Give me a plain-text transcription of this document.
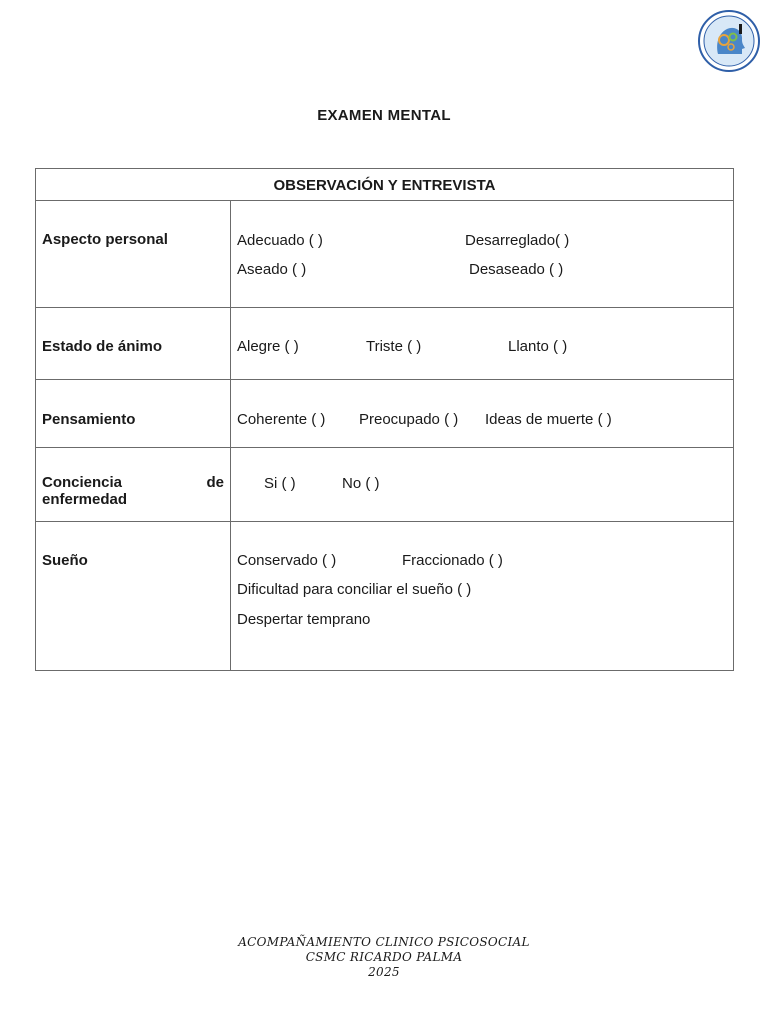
EXAMEN MENTAL
OBSERVACIÓN Y ENTREVISTA	

Aspecto personal	Adecuado ( ) Desarreglado( )
Aseado ( ) Desaseado ( )

Estado de ánimo	Alegre ( ) Triste ( ) Llanto ( )

Pensamiento	Coherente ( ) Preocupado ( ) Ideas de muerte ( )

Conciencia de
enfermedad	Si ( ) No ( )

Sueño	Conservado ( ) Fraccionado ( )
Dificultad para conciliar el sueño ( )
Despertar temprano
ACOMPAÑAMIENTO CLINICO PSICOSOCIAL
CSMC RICARDO PALMA
2025
